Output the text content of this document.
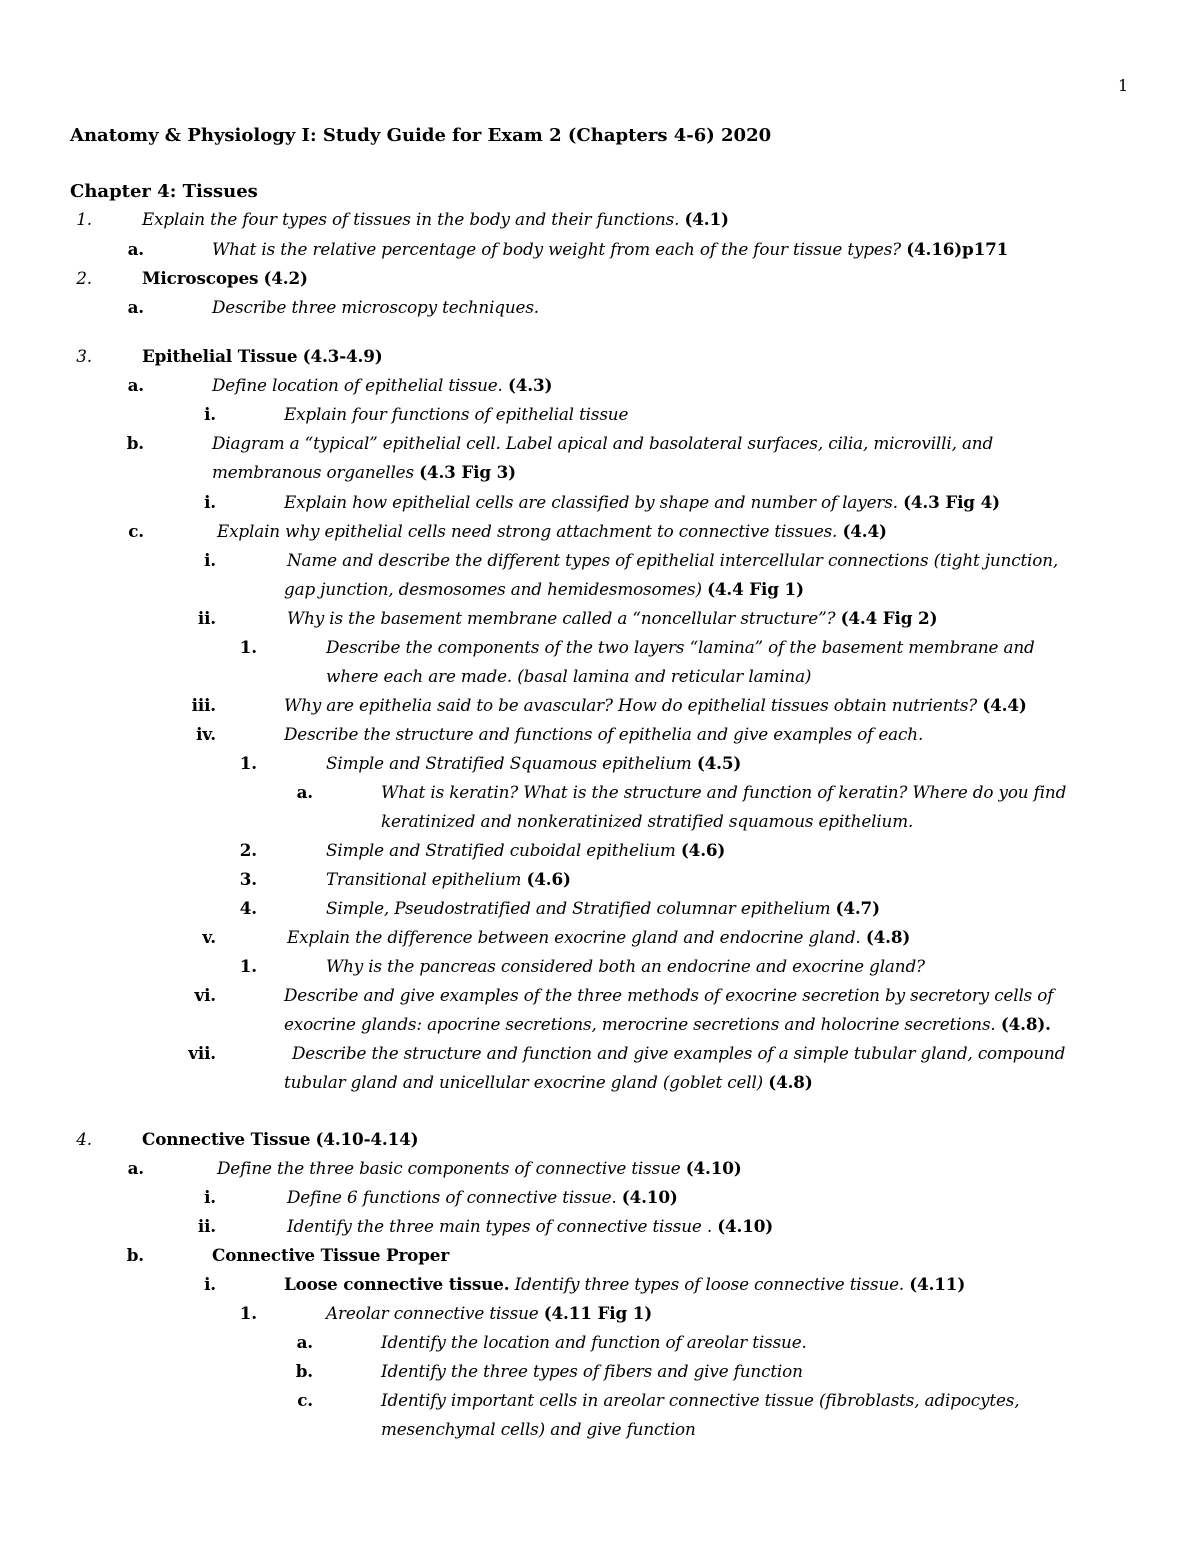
1
Anatomy & Physiology I: Study Guide for Exam 2 (Chapters 4-6) 2020
Chapter 4: Tissues
1.	Explain the four types of tissues in the body and their functions. (4.1)
a.	What is the relative percentage of body weight from each of the four tissue types? (4.16)p171
2.	Microscopes (4.2)
a.	Describe three microscopy techniques.
3.	Epithelial Tissue (4.3-4.9)
a.	Define location of epithelial tissue. (4.3)
i.	Explain four functions of epithelial tissue
b.	Diagram a “typical” epithelial cell. Label apical and basolateral surfaces, cilia, microvilli, and
membranous organelles (4.3 Fig 3)
i.	Explain how epithelial cells are classified by shape and number of layers. (4.3 Fig 4)
c.	Explain why epithelial cells need strong attachment to connective tissues. (4.4)
i.	Name and describe the different types of epithelial intercellular connections (tight junction,
gap junction, desmosomes and hemidesmosomes) (4.4 Fig 1)
ii.	Why is the basement membrane called a “noncellular structure”? (4.4 Fig 2)
1.	Describe the components of the two layers “lamina” of the basement membrane and
where each are made. (basal lamina and reticular lamina)
iii.	Why are epithelia said to be avascular? How do epithelial tissues obtain nutrients? (4.4)
iv.	Describe the structure and functions of epithelia and give examples of each.
1.	Simple and Stratified Squamous epithelium (4.5)
a.	What is keratin? What is the structure and function of keratin? Where do you find
keratinized and nonkeratinized stratified squamous epithelium.
2.	Simple and Stratified cuboidal epithelium (4.6)
3.	Transitional epithelium (4.6)
4.	Simple, Pseudostratified and Stratified columnar epithelium (4.7)
v.	Explain the difference between exocrine gland and endocrine gland. (4.8)
1.	Why is the pancreas considered both an endocrine and exocrine gland?
vi.	Describe and give examples of the three methods of exocrine secretion by secretory cells of
exocrine glands: apocrine secretions, merocrine secretions and holocrine secretions. (4.8).
vii.	Describe the structure and function and give examples of a simple tubular gland, compound
tubular gland and unicellular exocrine gland (goblet cell) (4.8)
4.	Connective Tissue (4.10-4.14)
a.	Define the three basic components of connective tissue (4.10)
i.	Define 6 functions of connective tissue. (4.10)
ii.	Identify the three main types of connective tissue . (4.10)
b.	Connective Tissue Proper
i.	Loose connective tissue. Identify three types of loose connective tissue. (4.11)
1.	Areolar connective tissue (4.11 Fig 1)
a.	Identify the location and function of areolar tissue.
b.	Identify the three types of fibers and give function
c.	Identify important cells in areolar connective tissue (fibroblasts, adipocytes,
mesenchymal cells) and give function
